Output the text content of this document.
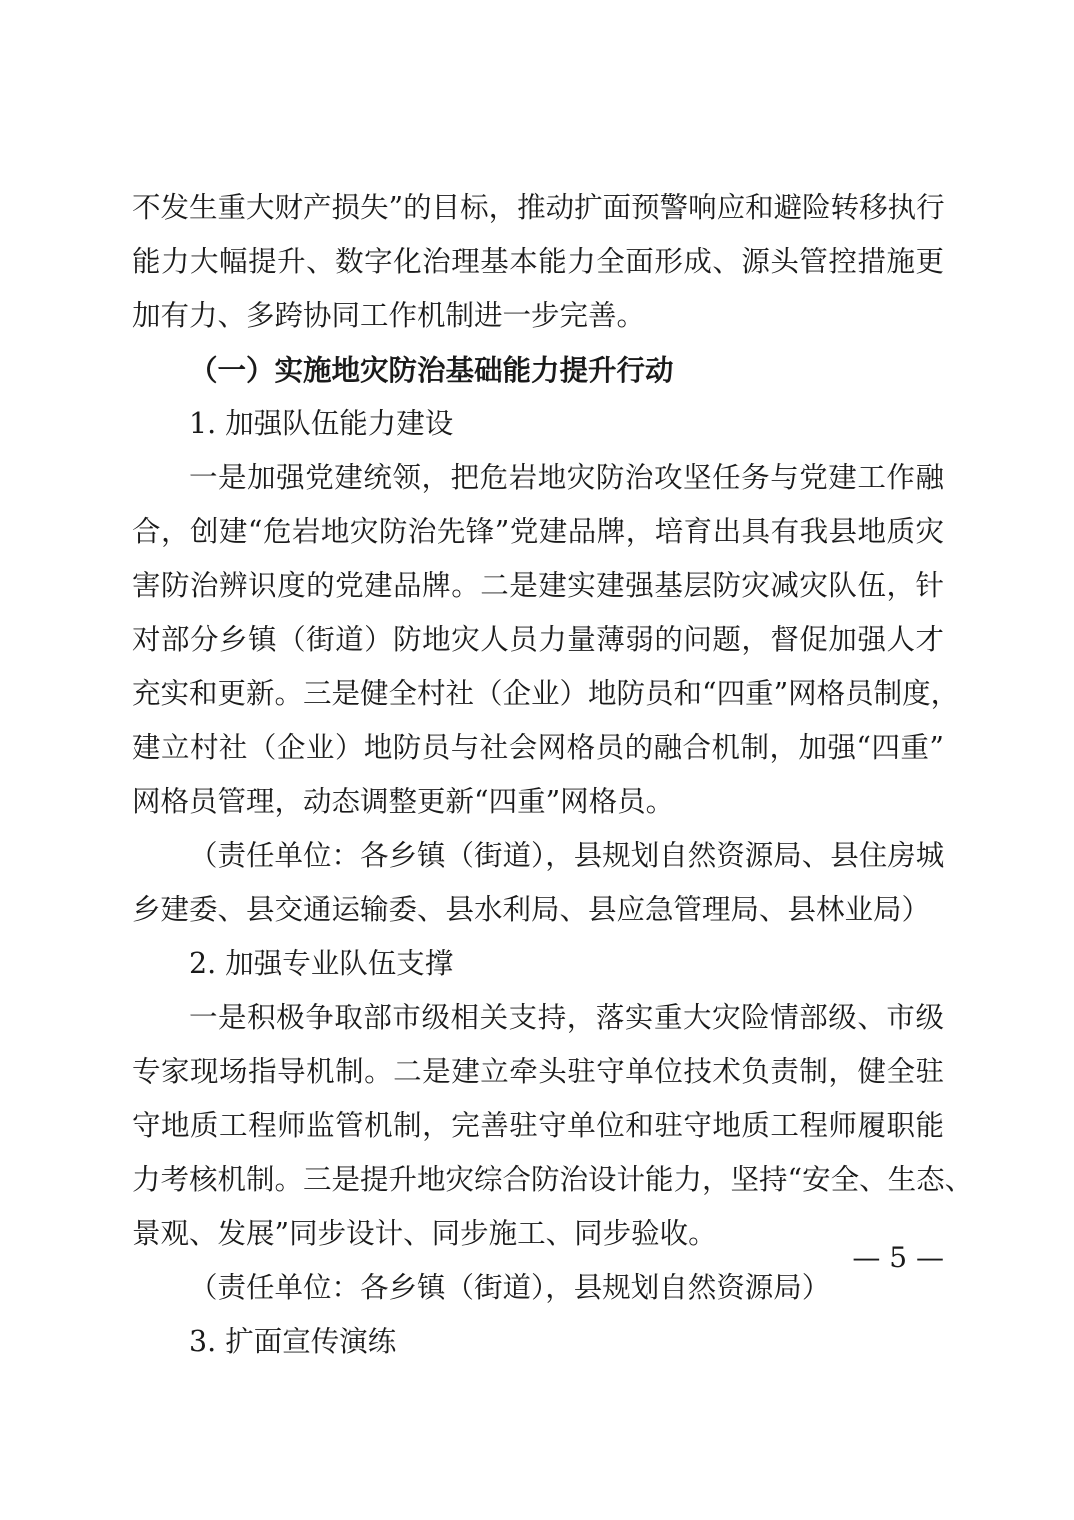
不发生重大财产损失”的目标，推动扩面预警响应和避险转移执行
能力大幅提升、数字化治理基本能力全面形成、源头管控措施更
加有力、多跨协同工作机制进一步完善。
（一）实施地灾防治基础能力提升行动
1. 加强队伍能力建设
一是加强党建统领，把危岩地灾防治攻坚任务与党建工作融
合，创建“危岩地灾防治先锋”党建品牌，培育出具有我县地质灾
害防治辨识度的党建品牌。二是建实建强基层防灾减灾队伍，针
对部分乡镇（街道）防地灾人员力量薄弱的问题，督促加强人才
充实和更新。三是健全村社（企业）地防员和“四重”网格员制度，
建立村社（企业）地防员与社会网格员的融合机制，加强“四重”
网格员管理，动态调整更新“四重”网格员。
（责任单位：各乡镇（街道），县规划自然资源局、县住房城
乡建委、县交通运输委、县水利局、县应急管理局、县林业局）
2. 加强专业队伍支撑
一是积极争取部市级相关支持，落实重大灾险情部级、市级
专家现场指导机制。二是建立牵头驻守单位技术负责制，健全驻
守地质工程师监管机制，完善驻守单位和驻守地质工程师履职能
力考核机制。三是提升地灾综合防治设计能力，坚持“安全、生态、
景观、发展”同步设计、同步施工、同步验收。
（责任单位：各乡镇（街道），县规划自然资源局）
3. 扩面宣传演练
— 5 —
